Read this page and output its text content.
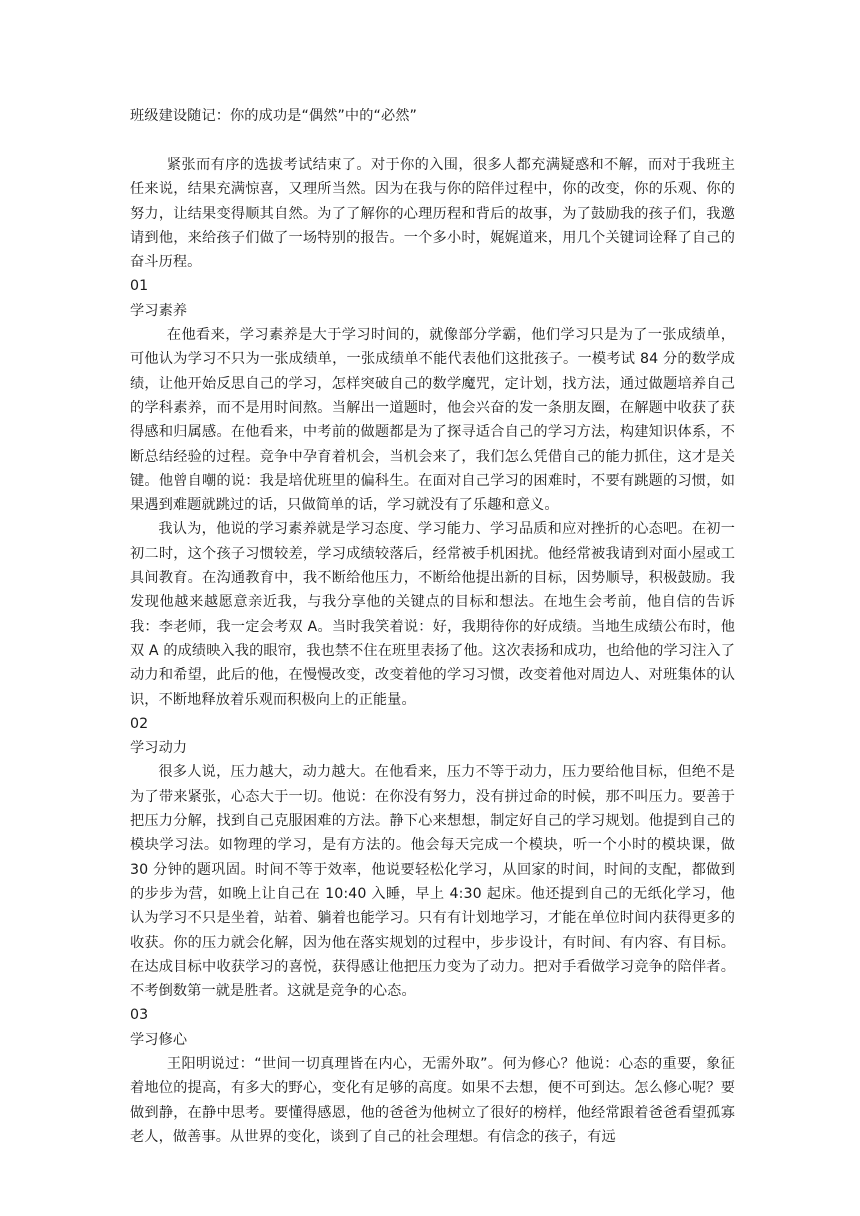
班级建设随记：你的成功是“偶然”中的“必然”

紧张而有序的选拔考试结束了。对于你的入围，很多人都充满疑惑和不解，而对于我班主任来说，结果充满惊喜，又理所当然。因为在我与你的陪伴过程中，你的改变，你的乐观、你的努力，让结果变得顺其自然。为了了解你的心理历程和背后的故事，为了鼓励我的孩子们，我邀请到他，来给孩子们做了一场特别的报告。一个多小时，娓娓道来，用几个关键词诠释了自己的奋斗历程。

01

学习素养

在他看来，学习素养是大于学习时间的，就像部分学霸，他们学习只是为了一张成绩单，可他认为学习不只为一张成绩单，一张成绩单不能代表他们这批孩子。一模考试 84 分的数学成绩，让他开始反思自己的学习，怎样突破自己的数学魔咒，定计划，找方法，通过做题培养自己的学科素养，而不是用时间熬。当解出一道题时，他会兴奋的发一条朋友圈，在解题中收获了获得感和归属感。在他看来，中考前的做题都是为了探寻适合自己的学习方法，构建知识体系，不断总结经验的过程。竞争中孕育着机会，当机会来了，我们怎么凭借自己的能力抓住，这才是关键。他曾自嘲的说：我是培优班里的偏科生。在面对自己学习的困难时，不要有跳题的习惯，如果遇到难题就跳过的话，只做简单的话，学习就没有了乐趣和意义。

我认为，他说的学习素养就是学习态度、学习能力、学习品质和应对挫折的心态吧。在初一初二时，这个孩子习惯较差，学习成绩较落后，经常被手机困扰。他经常被我请到对面小屋或工具间教育。在沟通教育中，我不断给他压力，不断给他提出新的目标，因势顺导，积极鼓励。我发现他越来越愿意亲近我，与我分享他的关键点的目标和想法。在地生会考前，他自信的告诉我：李老师，我一定会考双 A。当时我笑着说：好，我期待你的好成绩。当地生成绩公布时，他双 A 的成绩映入我的眼帘，我也禁不住在班里表扬了他。这次表扬和成功，也给他的学习注入了动力和希望，此后的他，在慢慢改变，改变着他的学习习惯，改变着他对周边人、对班集体的认识，不断地释放着乐观而积极向上的正能量。

02

学习动力

很多人说，压力越大，动力越大。在他看来，压力不等于动力，压力要给他目标，但绝不是为了带来紧张，心态大于一切。他说：在你没有努力，没有拼过命的时候，那不叫压力。要善于把压力分解，找到自己克服困难的方法。静下心来想想，制定好自己的学习规划。他提到自己的模块学习法。如物理的学习，是有方法的。他会每天完成一个模块，听一个小时的模块课，做 30 分钟的题巩固。时间不等于效率，他说要轻松化学习，从回家的时间，时间的支配，都做到的步步为营，如晚上让自己在 10:40 入睡，早上 4:30 起床。他还提到自己的无纸化学习，他认为学习不只是坐着，站着、躺着也能学习。只有有计划地学习，才能在单位时间内获得更多的收获。你的压力就会化解，因为他在落实规划的过程中，步步设计，有时间、有内容、有目标。在达成目标中收获学习的喜悦，获得感让他把压力变为了动力。把对手看做学习竞争的陪伴者。不考倒数第一就是胜者。这就是竞争的心态。

03

学习修心

王阳明说过：“世间一切真理皆在内心，无需外取”。何为修心？他说：心态的重要，象征着地位的提高，有多大的野心，变化有足够的高度。如果不去想，便不可到达。怎么修心呢？要做到静，在静中思考。要懂得感恩，他的爸爸为他树立了很好的榜样，他经常跟着爸爸看望孤寡老人，做善事。从世界的变化，谈到了自己的社会理想。有信念的孩子，有远
